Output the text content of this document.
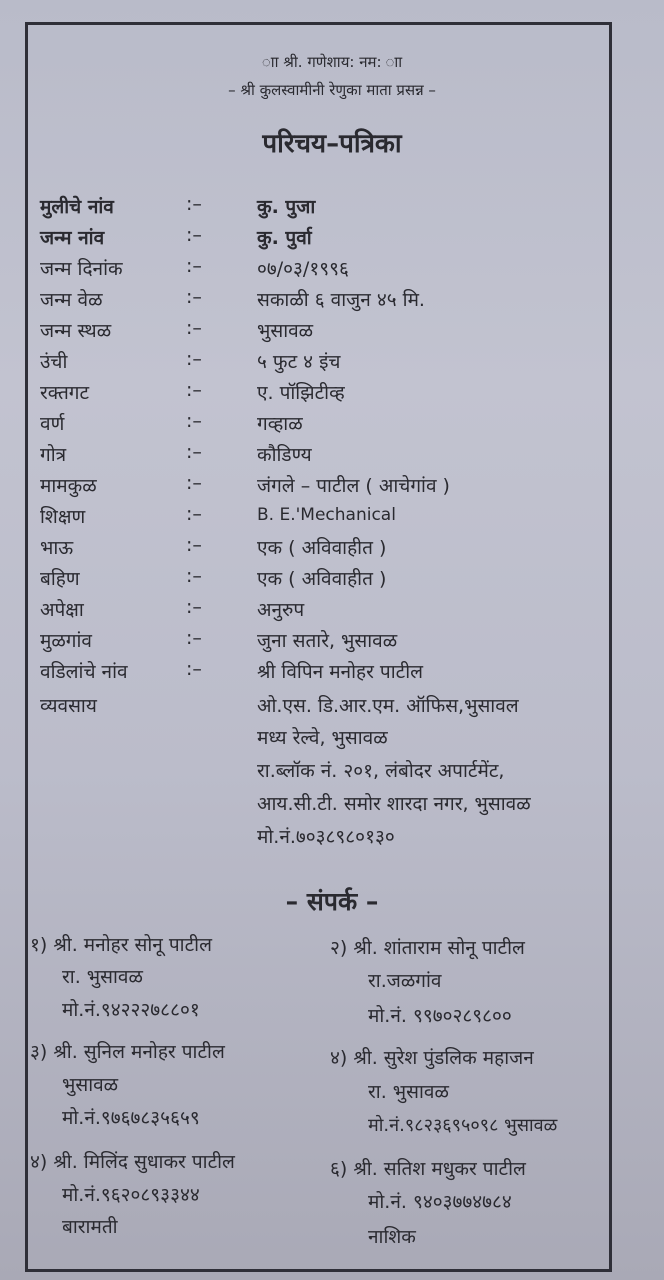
ाा श्री. गणेशाय: नम: ाा
– श्री कुलस्वामीनी रेणुका माता प्रसन्न –
परिचय–पत्रिका
मुलीचे नांव	:–	कु. पुजा
जन्म नांव	:–	कु. पुर्वा
जन्म दिनांक	:–	०७/०३/१९९६
जन्म वेळ	:–	सकाळी ६ वाजुन ४५ मि.
जन्म स्थळ	:–	भुसावळ
उंची	:–	५ फुट ४ इंच
रक्तगट	:–	ए. पॉझिटीव्ह
वर्ण	:–	गव्हाळ
गोत्र	:–	कौडिण्य
मामकुळ	:–	जंगले – पाटील ( आचेगांव )
शिक्षण	:–	B. E.'Mechanical
भाऊ	:–	एक ( अविवाहीत )
बहिण	:–	एक ( अविवाहीत )
अपेक्षा	:–	अनुरुप
मुळगांव	:–	जुना सतारे, भुसावळ
वडिलांचे नांव	:–	श्री विपिन मनोहर पाटील
व्यवसाय	ओ.एस. डि.आर.एम. ऑफिस,भुसावल
मध्य रेल्वे, भुसावळ
रा.ब्लॉक नं. २०१, लंबोदर अपार्टमेंट,
आय.सी.टी. समोर शारदा नगर, भुसावळ
मो.नं.७०३८९८०१३०
– संपर्क –
१) श्री. मनोहर सोनू पाटील
रा. भुसावळ
मो.नं.९४२२२७८८०१
३) श्री. सुनिल मनोहर पाटील
भुसावळ
मो.नं.९७६७८३५६५९
४) श्री. मिलिंद सुधाकर पाटील
मो.नं.९६२०८९३३४४
बारामती
२) श्री. शांताराम सोनू पाटील
रा.जळगांव
मो.नं. ९९७०२८९८००
४) श्री. सुरेश पुंडलिक महाजन
रा. भुसावळ
मो.नं.९८२३६९५०९८ भुसावळ
६) श्री. सतिश मधुकर पाटील
मो.नं. ९४०३७७४७८४
नाशिक
